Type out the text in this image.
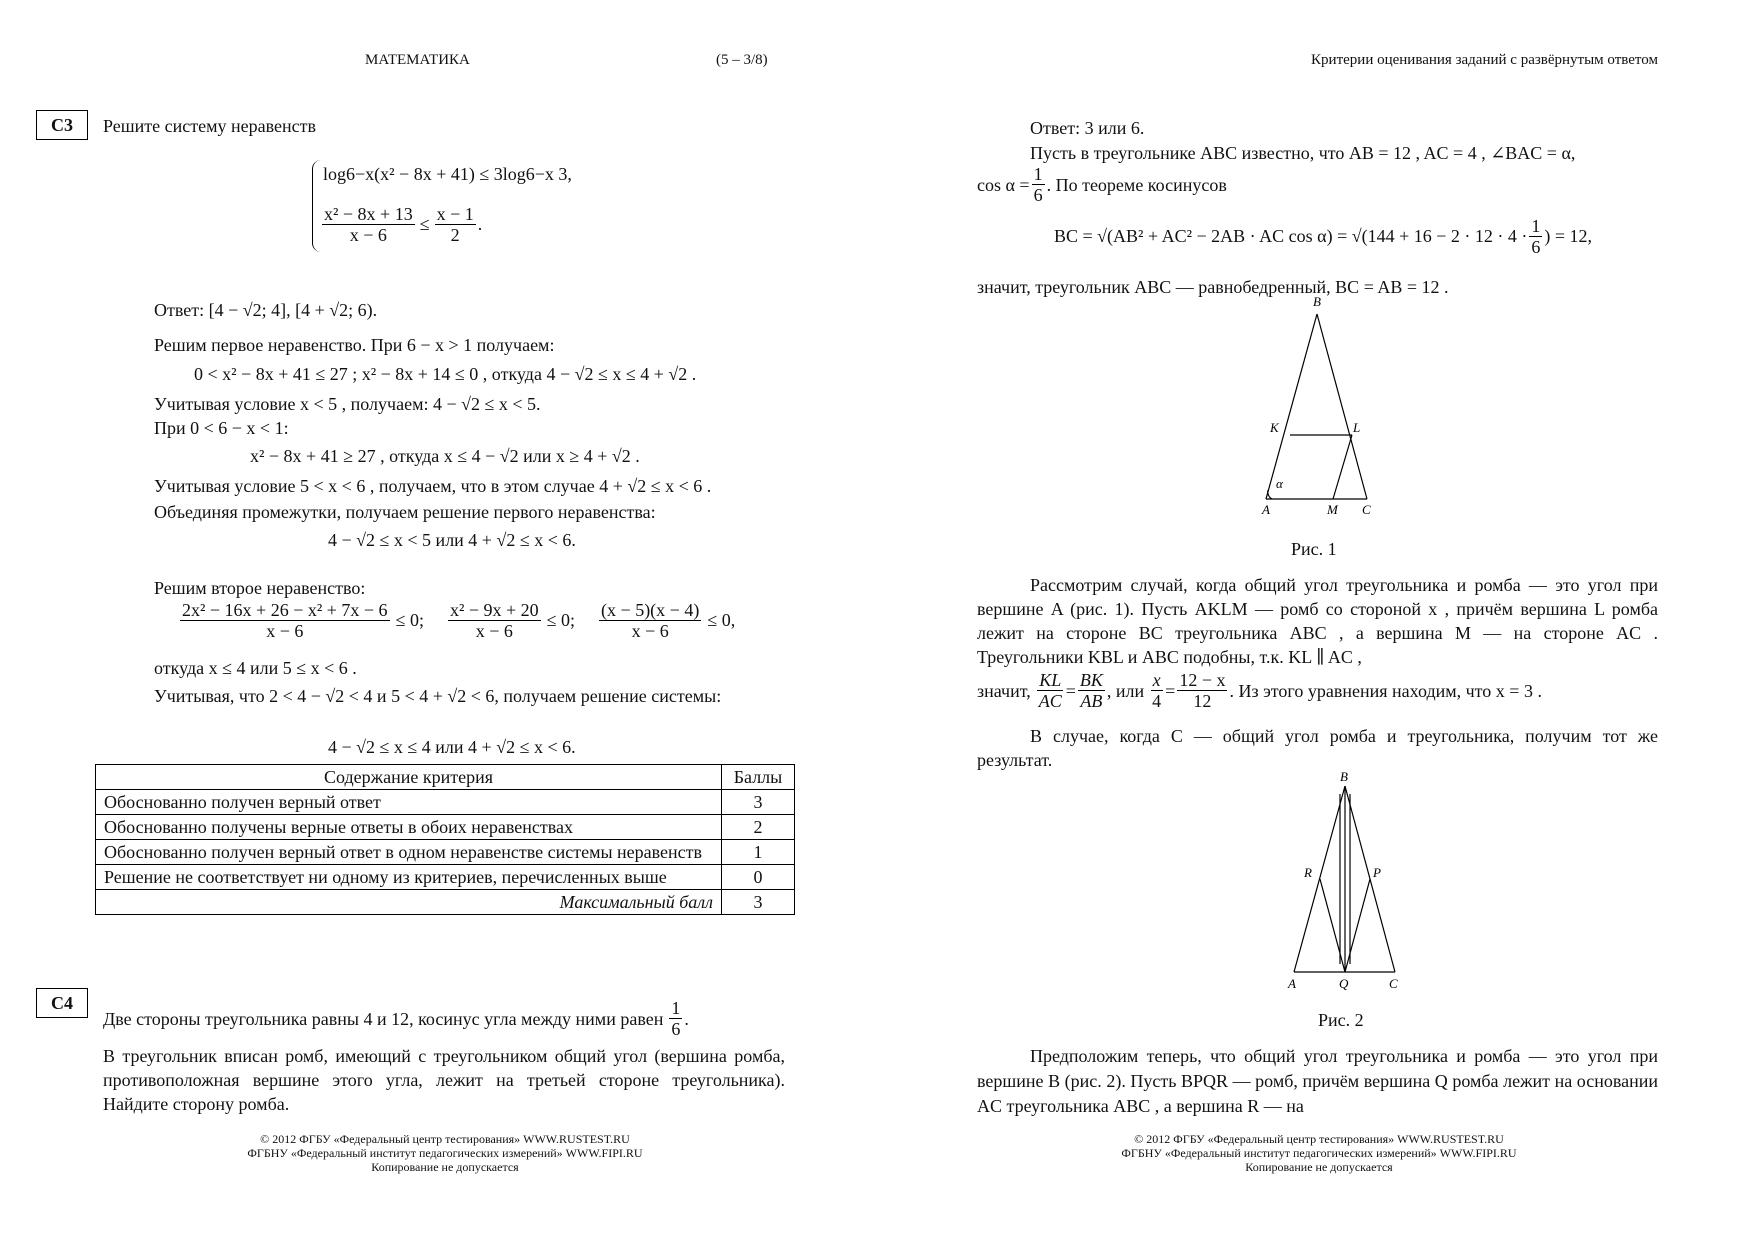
МАТЕМАТИКА	(5 – 3/8)
C3	Решите систему неравенств
log6−x(x² − 8x + 41) ≤ 3log6−x 3,
$\frac{\text{x² − 8x + 13}}{x - 6} \le \frac{x - 1}{2}$ .
Ответ: [4 − √2; 4], [4 + √2; 6).
Решим первое неравенство. При 6 − x > 1 получаем:
0 < x² − 8x + 41 ≤ 27 ; x² − 8x + 14 ≤ 0 , откуда 4 − √2 ≤ x ≤ 4 + √2 .
Учитывая условие x < 5 , получаем: 4 − √2 ≤ x < 5.
При 0 < 6 − x < 1:
x² − 8x + 41 ≥ 27 , откуда x ≤ 4 − √2 или x ≥ 4 + √2 .
Учитывая условие 5 < x < 6 , получаем, что в этом случае 4 + √2 ≤ x < 6 .
Объединяя промежутки, получаем решение первого неравенства:
4 − √2 ≤ x < 5 или 4 + √2 ≤ x < 6.
Решим второе неравенство:
$\frac{\text{2x² − 16x + 26 − x² + 7x − 6}}{x - 6} \le 0$; $\frac{\text{x² − 9x + 20}}{x - 6} \le 0$; $\frac{(x - 5)(x - 4)}{x - 6} \le 0$,
откуда x ≤ 4 или 5 ≤ x < 6 .
Учитывая, что 2 < 4 − √2 < 4 и 5 < 4 + √2 < 6, получаем решение системы:
4 − √2 ≤ x ≤ 4 или 4 + √2 ≤ x < 6.
Содержание критерия	Баллы
Обоснованно получен верный ответ	3
Обоснованно получены верные ответы в обоих неравенствах	2
Обоснованно получен верный ответ в одном неравенстве системы неравенств	1
Решение не соответствует ни одному из критериев, перечисленных выше	0
Максимальный балл	3
C4
Две стороны треугольника равны 4 и 12, косинус угла между ними равен $\frac{1}{6}$ .
В треугольник вписан ромб, имеющий с треугольником общий угол (вершина ромба, противоположная вершине этого угла, лежит на третьей стороне треугольника). Найдите сторону ромба.
© 2012 ФГБУ «Федеральный центр тестирования» WWW.RUSTEST.RU
ФГБНУ «Федеральный институт педагогических измерений» WWW.FIPI.RU
Копирование не допускается
Критерии оценивания заданий с развёрнутым ответом
Ответ: 3 или 6.
Пусть в треугольнике ABC известно, что AB = 12 , AC = 4 , ∠BAC = α,
$\cos \alpha = \frac{1}{6}$ . По теореме косинусов
BC = √(AB² + AC² − 2AB · AC $\cos \alpha) = √(144 + 16 - 2 \cdot 12 \cdot 4 \cdot \frac{1}{6}$ ) = 12,
значит, треугольник ABC — равнобедренный, BC = AB = 12 .
B
K	L
α
A	M C
Рис. 1
Рассмотрим случай, когда общий угол треугольника и ромба — это угол при вершине A (рис. 1). Пусть AKLM — ромб со стороной x , причём вершина L ромба лежит на стороне BC треугольника ABC , а вершина M — на стороне AC . Треугольники KBL и ABC подобны, т.к. KL ∥ AC ,
значит, $\frac{KL}{AC} = \frac{BK}{AB}$ , или $\frac{x}{4} = \frac{12 - x}{12}$ . Из этого уравнения находим, что x = 3 .
В случае, когда C — общий угол ромба и треугольника, получим тот же результат.
B
R	P
A	Q	C
Рис. 2
Предположим теперь, что общий угол треугольника и ромба — это угол при вершине B (рис. 2). Пусть BPQR — ромб, причём вершина Q ромба лежит на основании AC треугольника ABC , а вершина R — на
© 2012 ФГБУ «Федеральный центр тестирования» WWW.RUSTEST.RU
ФГБНУ «Федеральный институт педагогических измерений» WWW.FIPI.RU
Копирование не допускается
